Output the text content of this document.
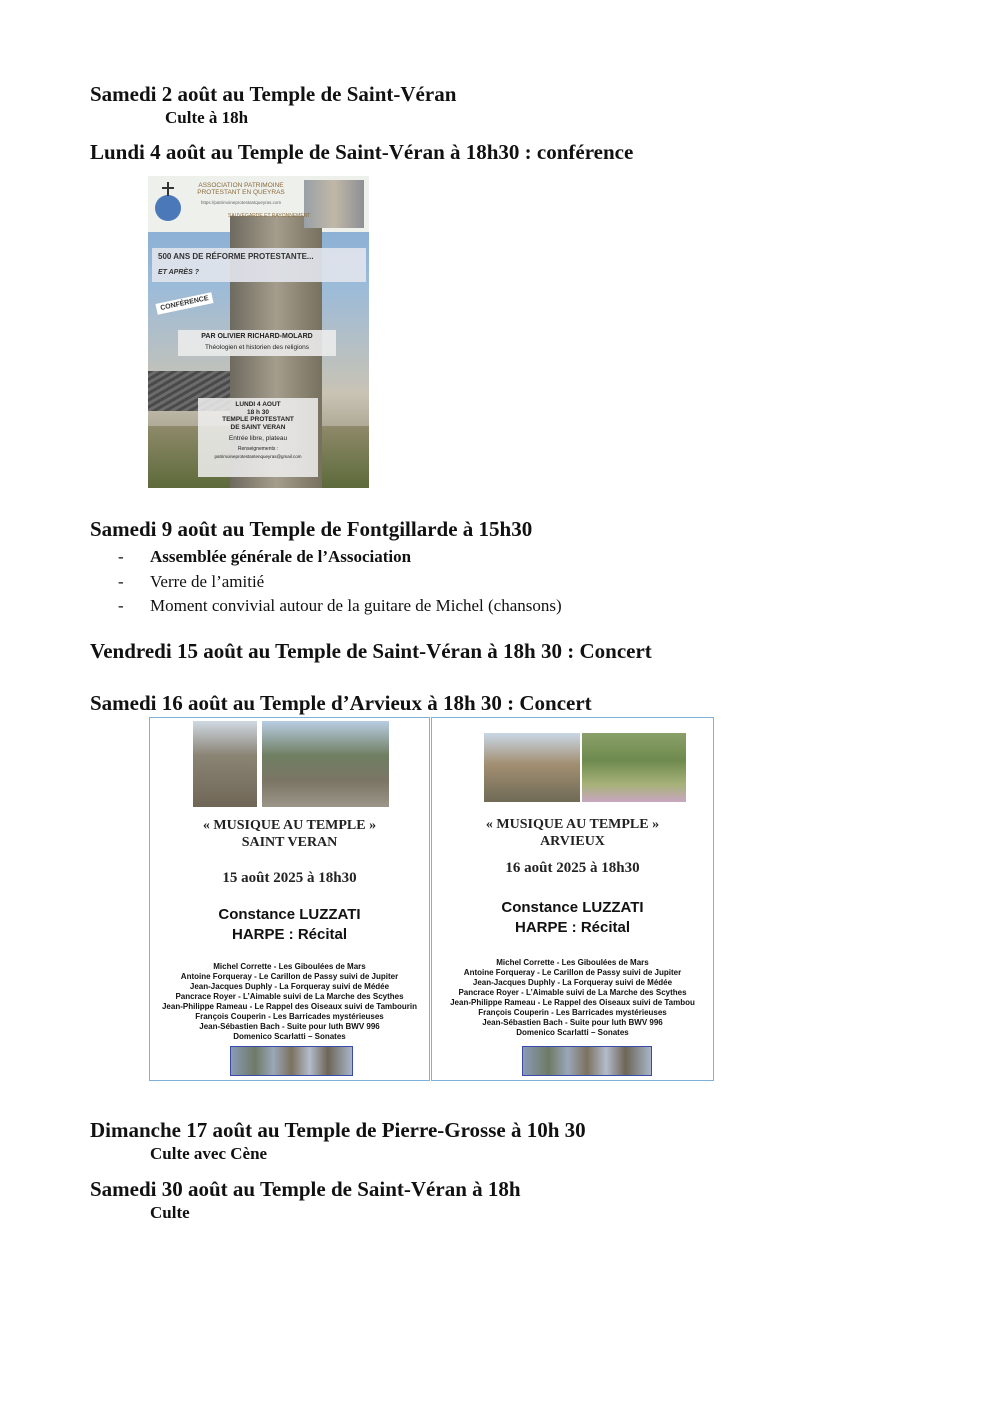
Samedi 2 août au Temple de Saint-Véran
Culte à 18h
Lundi 4 août au Temple de Saint-Véran à 18h30 : conférence
ASSOCIATION PATRIMOINE PROTESTANT EN QUEYRAS
https://patrimoineprotestantqueyras.com
SAUVEGARDE ET RAYONNEMENT
500 ANS DE RÉFORME PROTESTANTE...
ET APRÈS ?
CONFÉRENCE
PAR OLIVIER RICHARD-MOLARD
Théologien et historien des religions
LUNDI 4 AOUT
18 h 30
TEMPLE PROTESTANT
DE SAINT VERAN
Entrée libre, plateau
Renseignements :
patrimoineprotestantenqueyras@gmail.com
Samedi 9 août au Temple de Fontgillarde à 15h30
- Assemblée générale de l’Association
- Verre de l’amitié
- Moment convivial autour de la guitare de Michel (chansons)
Vendredi 15 août au Temple de Saint-Véran à 18h 30 : Concert
Samedi 16 août au Temple d’Arvieux à 18h 30 : Concert
« MUSIQUE AU TEMPLE »
SAINT VERAN
15 août 2025 à 18h30
Constance LUZZATI
HARPE : Récital
Michel Corrette - Les Giboulées de Mars
Antoine Forqueray - Le Carillon de Passy suivi de Jupiter
Jean-Jacques Duphly - La Forqueray suivi de Médée
Pancrace Royer - L’Aimable suivi de La Marche des Scythes
Jean-Philippe Rameau - Le Rappel des Oiseaux suivi de Tambourin
François Couperin - Les Barricades mystérieuses
Jean-Sébastien Bach - Suite pour luth BWV 996
Domenico Scarlatti – Sonates
« MUSIQUE AU TEMPLE »
ARVIEUX
16 août 2025 à 18h30
Constance LUZZATI
HARPE : Récital
Michel Corrette - Les Giboulées de Mars
Antoine Forqueray - Le Carillon de Passy suivi de Jupiter
Jean-Jacques Duphly - La Forqueray suivi de Médée
Pancrace Royer - L’Aimable suivi de La Marche des Scythes
Jean-Philippe Rameau - Le Rappel des Oiseaux suivi de Tambou
François Couperin - Les Barricades mystérieuses
Jean-Sébastien Bach - Suite pour luth BWV 996
Domenico Scarlatti – Sonates
Dimanche 17 août au Temple de Pierre-Grosse à 10h 30
Culte avec Cène
Samedi 30 août au Temple de Saint-Véran à 18h
Culte
